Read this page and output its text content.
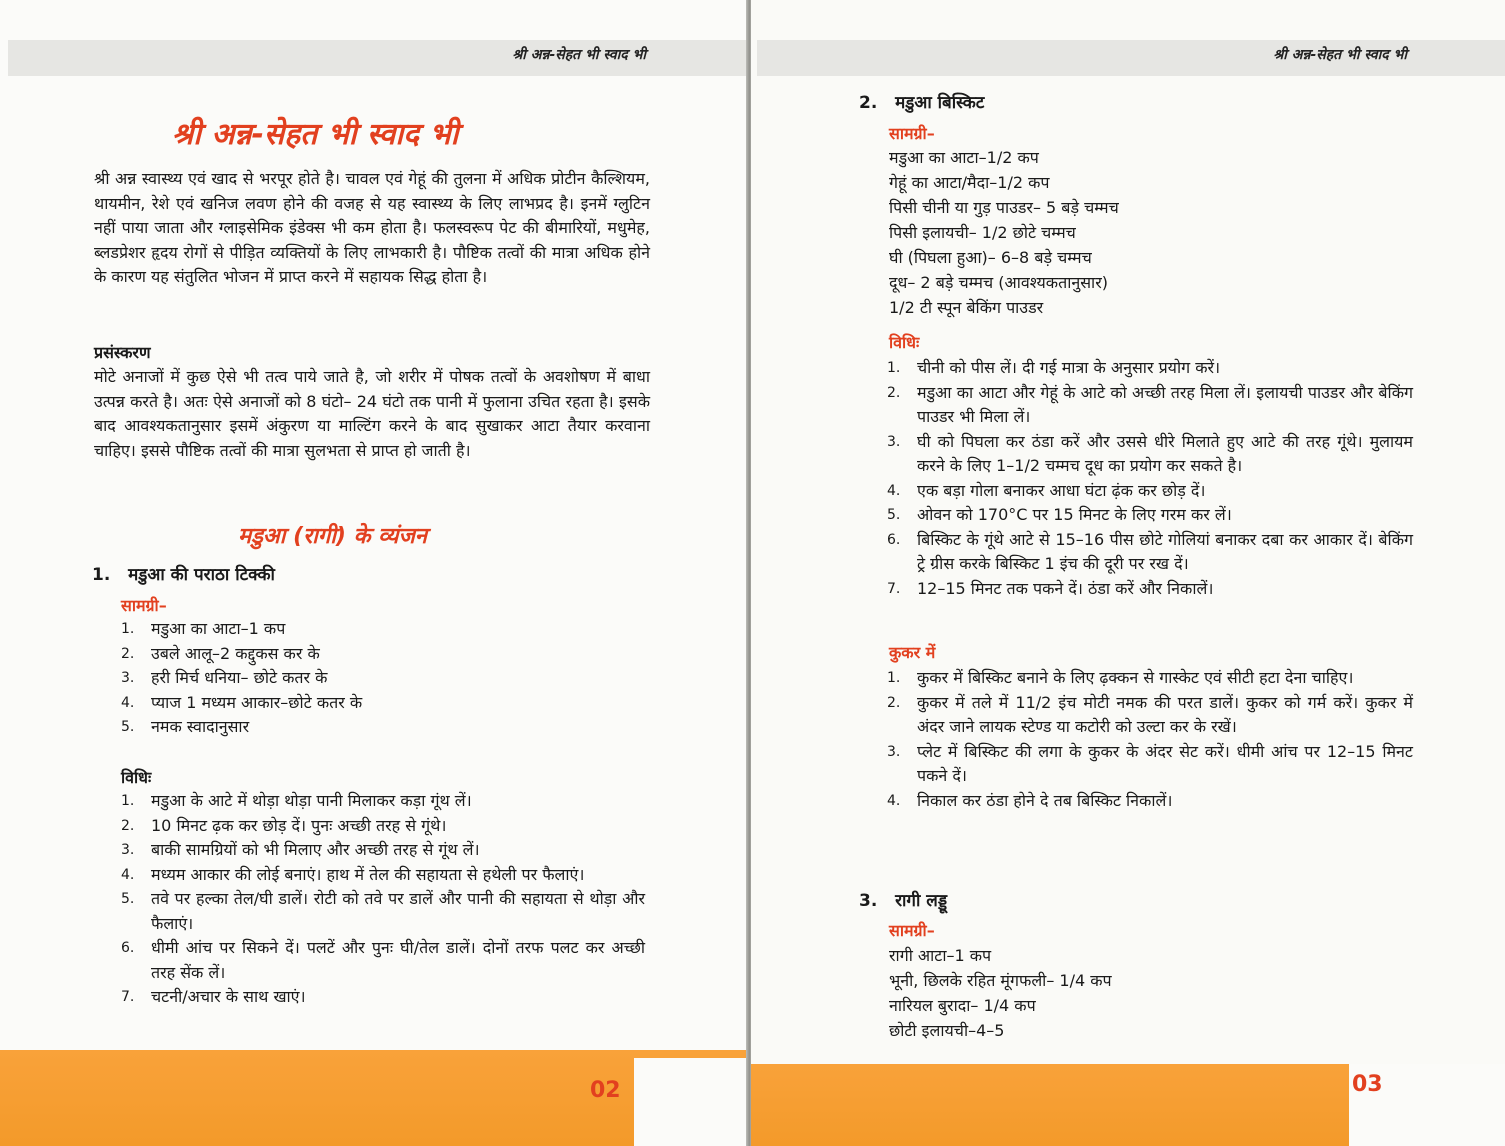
श्री अन्न-सेहत भी स्वाद भी
श्री अन्न-सेहत भी स्वाद भी

श्री अन्न स्वास्थ्य एवं खाद से भरपूर होते है। चावल एवं गेहूं की तुलना में अधिक प्रोटीन कैल्शियम, थायमीन, रेशे एवं खनिज लवण होने की वजह से यह स्वास्थ्य के लिए लाभप्रद है। इनमें ग्लुटिन नहीं पाया जाता और ग्लाइसेमिक इंडेक्स भी कम होता है। फलस्वरूप पेट की बीमारियों, मधुमेह, ब्लडप्रेशर हृदय रोगों से पीड़ित व्यक्तियों के लिए लाभकारी है। पौष्टिक तत्वों की मात्रा अधिक होने के कारण यह संतुलित भोजन में प्राप्त करने में सहायक सिद्ध होता है।

प्रसंस्करण

मोटे अनाजों में कुछ ऐसे भी तत्व पाये जाते है, जो शरीर में पोषक तत्वों के अवशोषण में बाधा उत्पन्न करते है। अतः ऐसे अनाजों को 8 घंटो– 24 घंटो तक पानी में फुलाना उचित रहता है। इसके बाद आवश्यकतानुसार इसमें अंकुरण या माल्टिंग करने के बाद सुखाकर आटा तैयार करवाना चाहिए। इससे पौष्टिक तत्वों की मात्रा सुलभता से प्राप्त हो जाती है।

मडुआ (रागी) के व्यंजन
1. मडुआ की पराठा टिक्की

सामग्री–

1. मडुआ का आटा–1 कप
2. उबले आलू–2 कद्दुकस कर के
3. हरी मिर्च धनिया– छोटे कतर के
4. प्याज 1 मध्यम आकार–छोटे कतर के
5. नमक स्वादानुसार

विधिः

1. मडुआ के आटे में थोड़ा थोड़ा पानी मिलाकर कड़ा गूंथ लें।
2. 10 मिनट ढ़क कर छोड़ दें। पुनः अच्छी तरह से गूंथे।
3. बाकी सामग्रियों को भी मिलाए और अच्छी तरह से गूंथ लें।
4. मध्यम आकार की लोई बनाएं। हाथ में तेल की सहायता से हथेली पर फैलाएं।
5. तवे पर हल्का तेल/घी डालें। रोटी को तवे पर डालें और पानी की सहायता से थोड़ा और फैलाएं।
6. धीमी आंच पर सिकने दें। पलटें और पुनः घी/तेल डालें। दोनों तरफ पलट कर अच्छी तरह सेंक लें।
7. चटनी/अचार के साथ खाएं।
02
श्री अन्न-सेहत भी स्वाद भी
2. मडुआ बिस्किट

सामग्री–

मडुआ का आटा–1/2 कप
गेहूं का आटा/मैदा–1/2 कप
पिसी चीनी या गुड़ पाउडर– 5 बड़े चम्मच
पिसी इलायची– 1/2 छोटे चम्मच
घी (पिघला हुआ)– 6–8 बड़े चम्मच
दूध– 2 बड़े चम्मच (आवश्यकतानुसार)
1/2 टी स्पून बेकिंग पाउडर

विधिः

1. चीनी को पीस लें। दी गई मात्रा के अनुसार प्रयोग करें।
2. मडुआ का आटा और गेहूं के आटे को अच्छी तरह मिला लें। इलायची पाउडर और बेकिंग पाउडर भी मिला लें।
3. घी को पिघला कर ठंडा करें और उससे धीरे मिलाते हुए आटे की तरह गूंथे। मुलायम करने के लिए 1–1/2 चम्मच दूध का प्रयोग कर सकते है।
4. एक बड़ा गोला बनाकर आधा घंटा ढ़ंक कर छोड़ दें।
5. ओवन को 170°C पर 15 मिनट के लिए गरम कर लें।
6. बिस्किट के गूंथे आटे से 15–16 पीस छोटे गोलियां बनाकर दबा कर आकार दें। बेकिंग ट्रे ग्रीस करके बिस्किट 1 इंच की दूरी पर रख दें।
7. 12–15 मिनट तक पकने दें। ठंडा करें और निकालें।

कुकर में

1. कुकर में बिस्किट बनाने के लिए ढ़क्कन से गास्केट एवं सीटी हटा देना चाहिए।
2. कुकर में तले में 11/2 इंच मोटी नमक की परत डालें। कुकर को गर्म करें। कुकर में अंदर जाने लायक स्टेण्ड या कटोरी को उल्टा कर के रखें।
3. प्लेट में बिस्किट की लगा के कुकर के अंदर सेट करें। धीमी आंच पर 12–15 मिनट पकने दें।
4. निकाल कर ठंडा होने दे तब बिस्किट निकालें।
3. रागी लड्डू

सामग्री–

रागी आटा–1 कप
भूनी, छिलके रहित मूंगफली– 1/4 कप
नारियल बुरादा– 1/4 कप
छोटी इलायची–4–5
03
